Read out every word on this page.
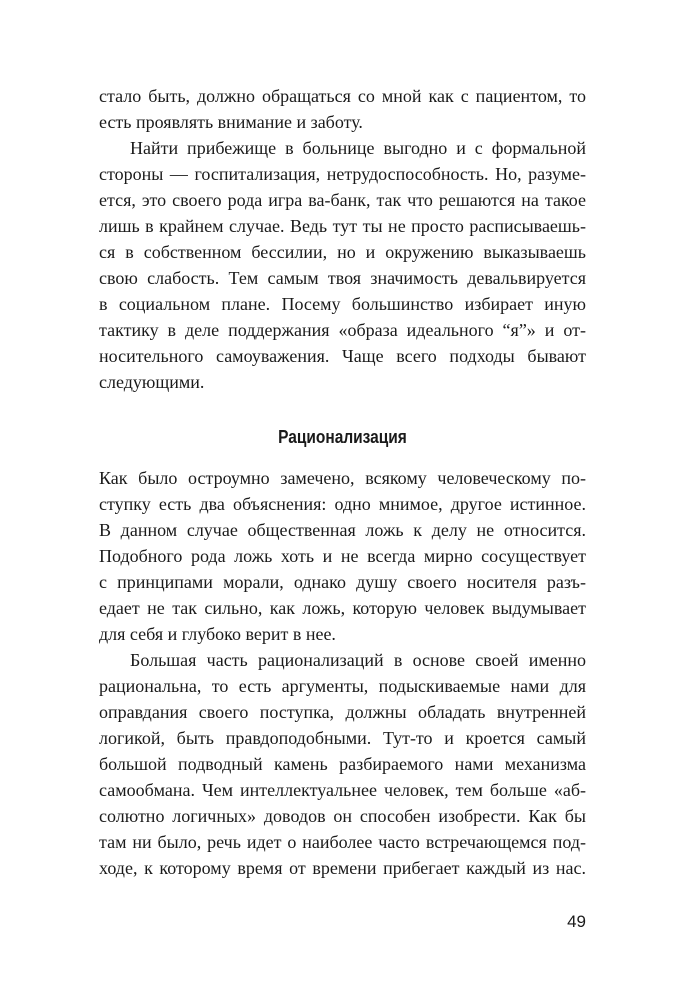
стало быть, должно обращаться со мной как с пациентом, то

есть проявлять внимание и заботу.

Найти прибежище в больнице выгодно и с формальной

стороны — госпитализация, нетрудоспособность. Но, разуме-

ется, это своего рода игра ва-банк, так что решаются на такое

лишь в крайнем случае. Ведь тут ты не просто расписываешь-

ся в собственном бессилии, но и окружению выказываешь

свою слабость. Тем самым твоя значимость девальвируется

в социальном плане. Посему большинство избирает иную

тактику в деле поддержания «образа идеального “я”» и от-

носительного самоуважения. Чаще всего подходы бывают

следующими.

Рационализация

Как было остроумно замечено, всякому человеческому по-

ступку есть два объяснения: одно мнимое, другое истинное.

В данном случае общественная ложь к делу не относится.

Подобного рода ложь хоть и не всегда мирно сосуществует

с принципами морали, однако душу своего носителя разъ-

едает не так сильно, как ложь, которую человек выдумывает

для себя и глубоко верит в нее.

Большая часть рационализаций в основе своей именно

рациональна, то есть аргументы, подыскиваемые нами для

оправдания своего поступка, должны обладать внутренней

логикой, быть правдоподобными. Тут-то и кроется самый

большой подводный камень разбираемого нами механизма

самообмана. Чем интеллектуальнее человек, тем больше «аб-

солютно логичных» доводов он способен изобрести. Как бы

там ни было, речь идет о наиболее часто встречающемся под-

ходе, к которому время от времени прибегает каждый из нас.

49
